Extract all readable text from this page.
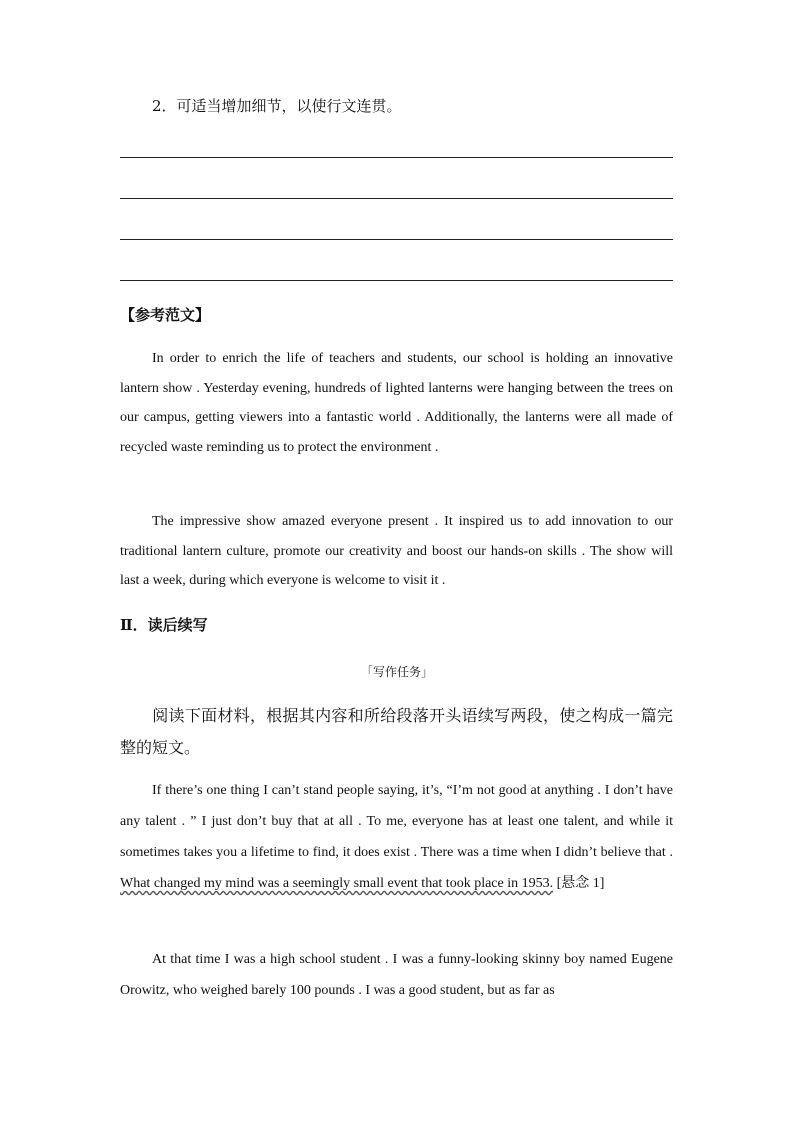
2．可适当增加细节，以使行文连贯。
【参考范文】
In order to enrich the life of teachers and students, our school is holding an innovative lantern show . Yesterday evening, hundreds of lighted lanterns were hanging between the trees on our campus, getting viewers into a fantastic world . Additionally, the lanterns were all made of recycled waste reminding us to protect the environment .
The impressive show amazed everyone present . It inspired us to add innovation to our traditional lantern culture, promote our creativity and boost our hands-on skills . The show will last a week, during which everyone is welcome to visit it .
Ⅱ．读后续写
「写作任务」
阅读下面材料，根据其内容和所给段落开头语续写两段，使之构成一篇完整的短文。
If there’s one thing I can’t stand people saying, it’s, “I’m not good at anything . I don’t have any talent . ” I just don’t buy that at all . To me, everyone has at least one talent, and while it sometimes takes you a lifetime to find, it does exist . There was a time when I didn’t believe that . What changed my mind was a seemingly small event that took place in 1953. [悬念 1]
At that time I was a high school student . I was a funny-looking skinny boy named Eugene Orowitz, who weighed barely 100 pounds . I was a good student, but as far as
